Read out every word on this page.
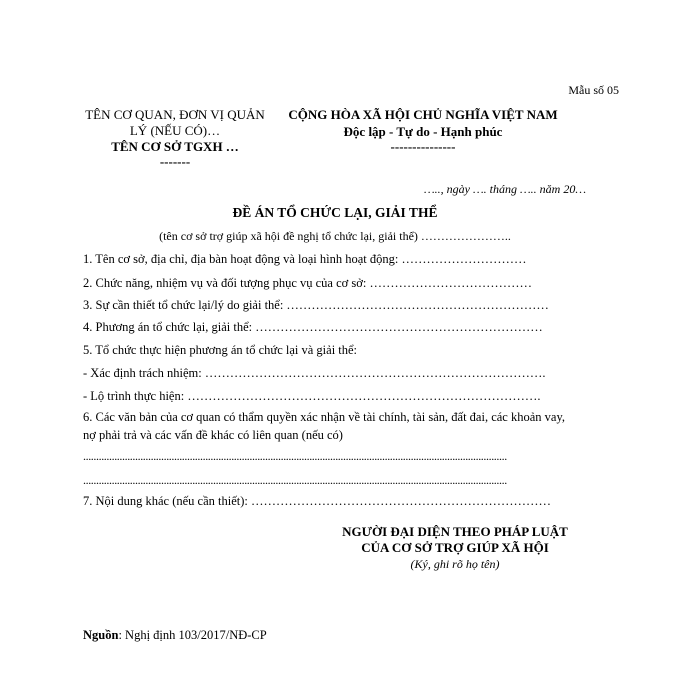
Mẫu số 05
TÊN CƠ QUAN, ĐƠN VỊ QUẢN LÝ (NẾU CÓ)…
TÊN CƠ SỞ TGXH …
-------
CỘNG HÒA XÃ HỘI CHỦ NGHĨA VIỆT NAM
Độc lập - Tự do - Hạnh phúc
---------------
….., ngày …. tháng ….. năm 20…
ĐỀ ÁN TỔ CHỨC LẠI, GIẢI THỂ
(tên cơ sở trợ giúp xã hội đề nghị tổ chức lại, giải thể) …………………..
1. Tên cơ sở, địa chỉ, địa bàn hoạt động và loại hình hoạt động: …………………………
2. Chức năng, nhiệm vụ và đối tượng phục vụ của cơ sở: …………………………………
3. Sự cần thiết tổ chức lại/lý do giải thể: ………………………………………………………
4. Phương án tổ chức lại, giải thể: ……………………………………………………………
5. Tổ chức thực hiện phương án tổ chức lại và giải thể:
- Xác định trách nhiệm: ……………………………………………………………………….
- Lộ trình thực hiện: ………………………………………………………………………….
6. Các văn bản của cơ quan có thẩm quyền xác nhận về tài chính, tài sản, đất đai, các khoản vay,
nợ phải trả và các vấn đề khác có liên quan (nếu có)
...................................................................................................................................................................
...................................................................................................................................................................
7. Nội dung khác (nếu cần thiết): ………………………………………………………………
NGƯỜI ĐẠI DIỆN THEO PHÁP LUẬT
CỦA CƠ SỞ TRỢ GIÚP XÃ HỘI
(Ký, ghi rõ họ tên)
Nguồn: Nghị định 103/2017/NĐ-CP
